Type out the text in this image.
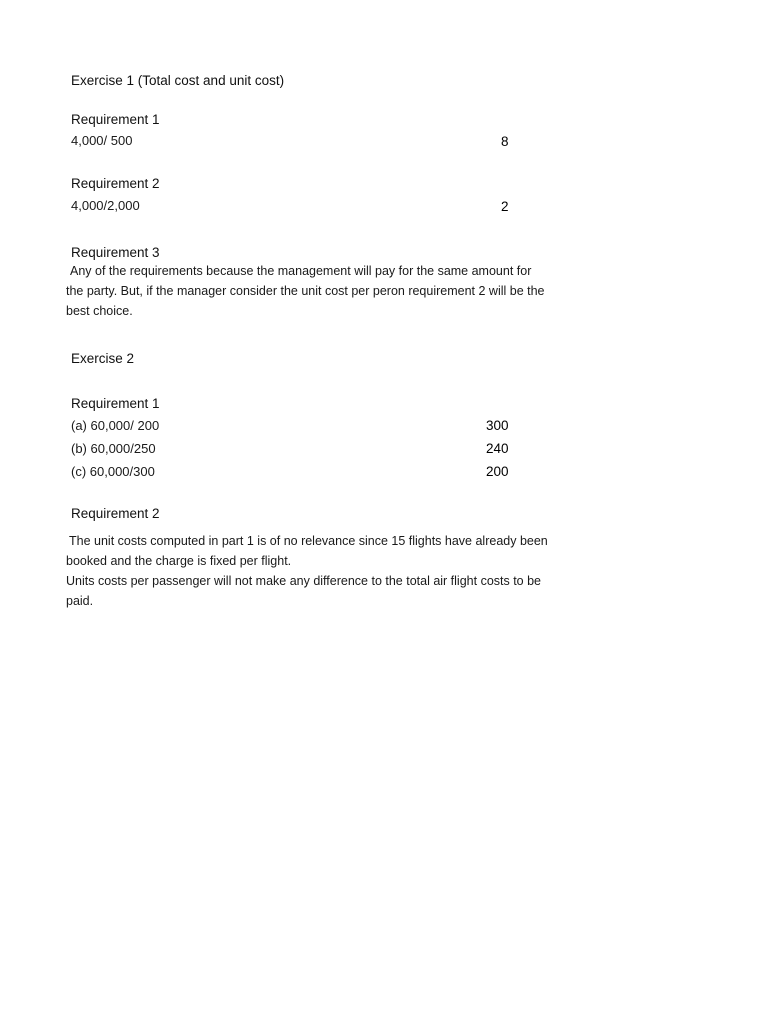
Exercise 1 (Total cost and unit cost)
Requirement 1
4,000/ 500	8
Requirement 2
4,000/2,000	2
Requirement 3
Any of the requirements because the management will pay for the same amount for
the party. But, if the manager consider the unit cost per peron requirement 2 will be the
best choice.
Exercise 2
Requirement 1
(a) 60,000/ 200	300
(b) 60,000/250	240
(c) 60,000/300	200
Requirement 2
The unit costs computed in part 1 is of no relevance since 15 flights have already been
booked and the charge is fixed per flight.
Units costs per passenger will not make any difference to the total air flight costs to be
paid.
